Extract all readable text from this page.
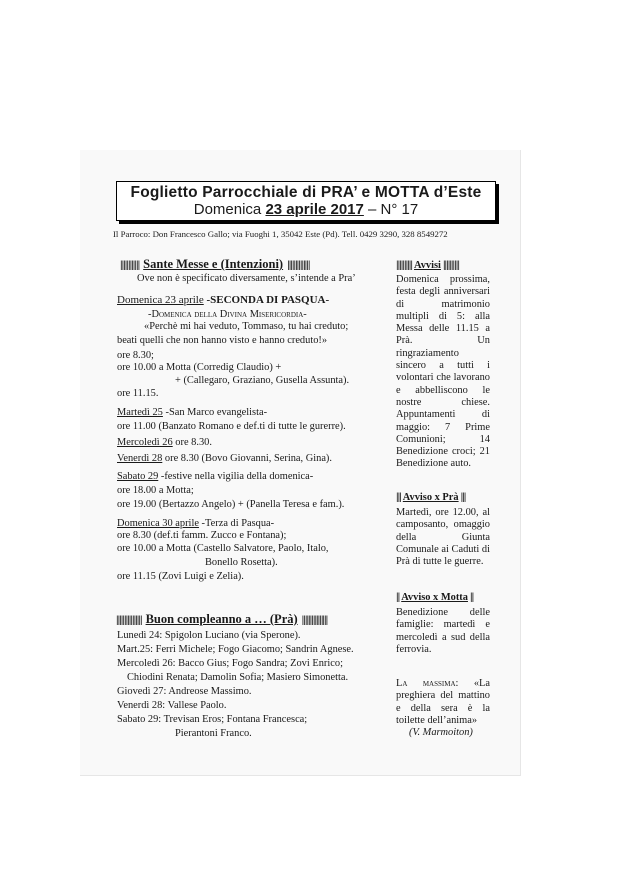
Foglietto Parrocchiale di PRA’ e MOTTA d’Este
Domenica 23 aprile 2017 – N° 17
Il Parroco: Don Francesco Gallo; via Fuoghi 1, 35042 Este (Pd). Tell. 0429 3290, 328 8549272
|||||||||||| Sante Messe e (Intenzioni) ||||||||||||||
Ove non è specificato diversamente, s’intende a Pra’
Domenica 23 aprile -SECONDA DI PASQUA-
-Domenica della Divina Misericordia-
«Perchè mi hai veduto, Tommaso, tu hai creduto;
beati quelli che non hanno visto e hanno creduto!»
ore 8.30;
ore 10.00 a Motta (Corredig Claudio) +
+ (Callegaro, Graziano, Gusella Assunta).
ore 11.15.
Martedì 25 -San Marco evangelista-
ore 11.00 (Banzato Romano e def.ti di tutte le gurerre).
Mercoledì 26 ore 8.30.
Venerdì 28 ore 8.30 (Bovo Giovanni, Serina, Gina).
Sabato 29 -festive nella vigilia della domenica-
ore 18.00 a Motta;
ore 19.00 (Bertazzo Angelo) + (Panella Teresa e fam.).
Domenica 30 aprile -Terza di Pasqua-
ore 8.30 (def.ti famm. Zucco e Fontana);
ore 10.00 a Motta (Castello Salvatore, Paolo, Italo,
Bonello Rosetta).
ore 11.15 (Zovi Luigi e Zelia).
|||||||||||||||| Buon compleanno a … (Prà) ||||||||||||||||
Lunedì 24: Spigolon Luciano (via Sperone).
Mart.25: Ferri Michele; Fogo Giacomo; Sandrin Agnese.
Mercoledì 26: Bacco Gius; Fogo Sandra; Zovi Enrico;
Chiodini Renata; Damolin Sofia; Masiero Simonetta.
Giovedì 27: Andreose Massimo.
Venerdì 28: Vallese Paolo.
Sabato 29: Trevisan Eros; Fontana Francesca;
Pierantoni Franco.
|||||||||| Avvisi ||||||||||
Domenica prossima, festa degli anniversari di matrimonio multipli di 5: alla Messa delle 11.15 a Prà. Un ringraziamento sincero a tutti i volontari che lavorano e abbelliscono le nostre chiese. Appuntamenti di maggio: 7 Prime Comunioni; 14 Benedizione croci; 21 Benedizione auto.
||| Avviso x Prà |||
Martedì, ore 12.00, al camposanto, omaggio della Giunta Comunale ai Caduti di Prà di tutte le guerre.
|| Avviso x Motta ||
Benedizione delle famiglie: martedì e mercoledì a sud della ferrovia.
La massima: «La preghiera del mattino e della sera è la toilette dell’anima»
(V. Marmoiton)
